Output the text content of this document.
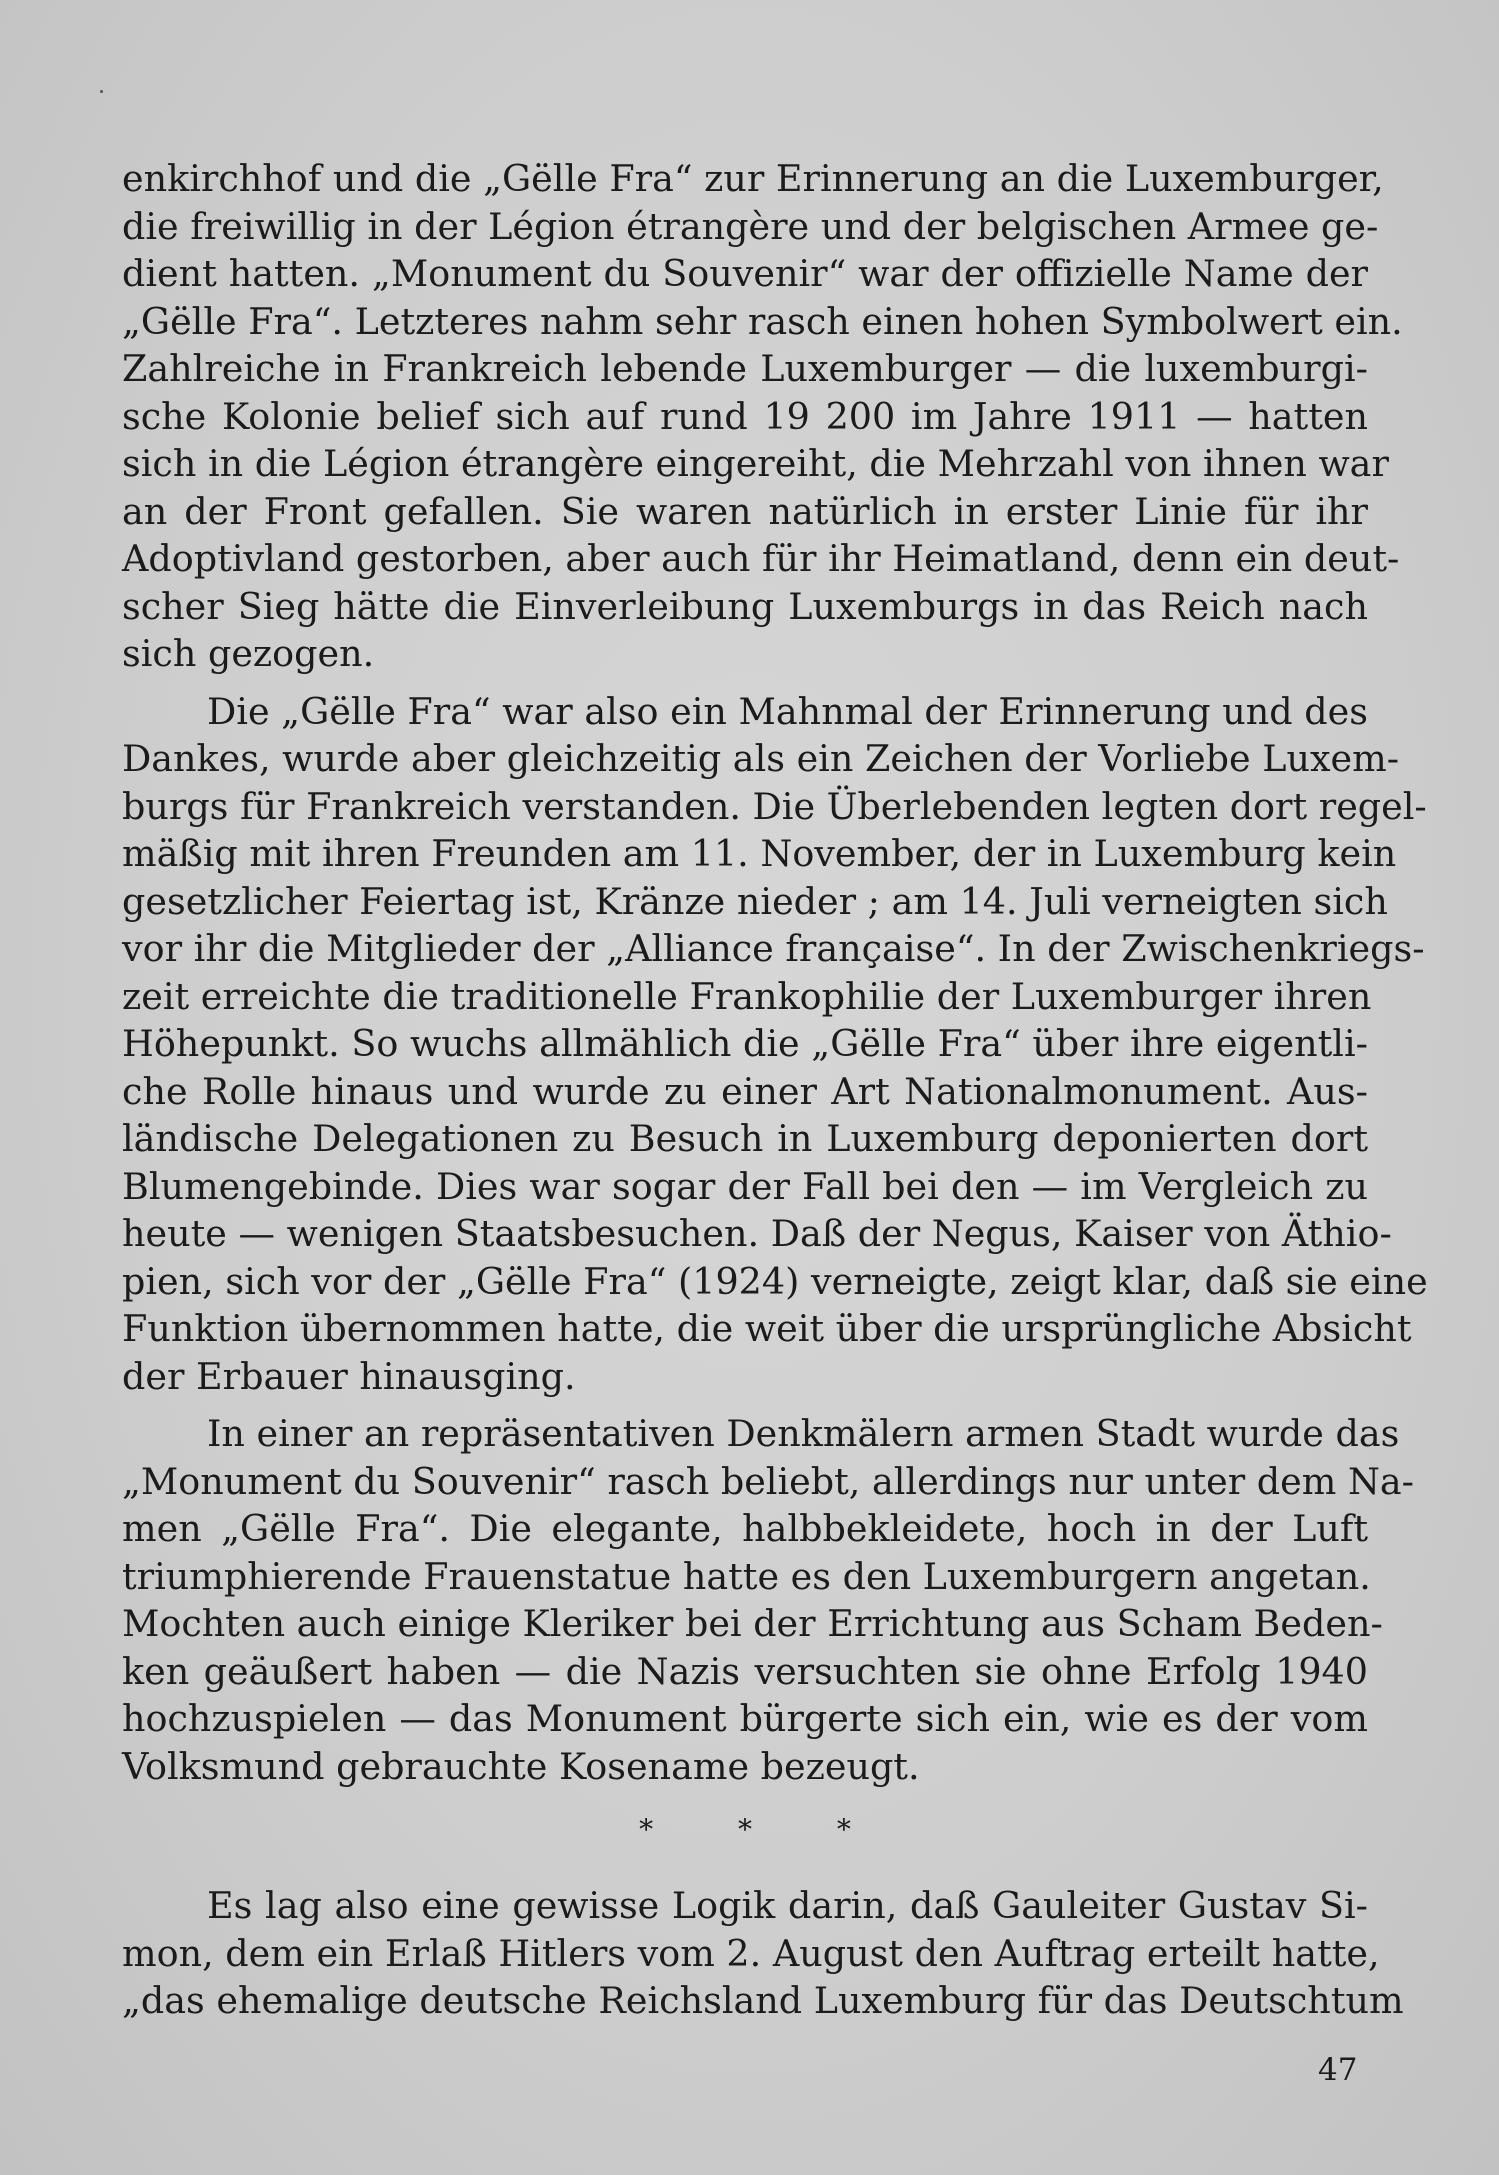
enkirchhof und die „Gëlle Fra“ zur Erinnerung an die Luxemburger,
die freiwillig in der Légion étrangère und der belgischen Armee ge-
dient hatten. „Monument du Souvenir“ war der offizielle Name der
„Gëlle Fra“. Letzteres nahm sehr rasch einen hohen Symbolwert ein.
Zahlreiche in Frankreich lebende Luxemburger — die luxemburgi-
sche Kolonie belief sich auf rund 19 200 im Jahre 1911 — hatten
sich in die Légion étrangère eingereiht, die Mehrzahl von ihnen war
an der Front gefallen. Sie waren natürlich in erster Linie für ihr
Adoptivland gestorben, aber auch für ihr Heimatland, denn ein deut-
scher Sieg hätte die Einverleibung Luxemburgs in das Reich nach
sich gezogen.
Die „Gëlle Fra“ war also ein Mahnmal der Erinnerung und des
Dankes, wurde aber gleichzeitig als ein Zeichen der Vorliebe Luxem-
burgs für Frankreich verstanden. Die Überlebenden legten dort regel-
mäßig mit ihren Freunden am 11. November, der in Luxemburg kein
gesetzlicher Feiertag ist, Kränze nieder ; am 14. Juli verneigten sich
vor ihr die Mitglieder der „Alliance française“. In der Zwischenkriegs-
zeit erreichte die traditionelle Frankophilie der Luxemburger ihren
Höhepunkt. So wuchs allmählich die „Gëlle Fra“ über ihre eigentli-
che Rolle hinaus und wurde zu einer Art Nationalmonument. Aus-
ländische Delegationen zu Besuch in Luxemburg deponierten dort
Blumengebinde. Dies war sogar der Fall bei den — im Vergleich zu
heute — wenigen Staatsbesuchen. Daß der Negus, Kaiser von Äthio-
pien, sich vor der „Gëlle Fra“ (1924) verneigte, zeigt klar, daß sie eine
Funktion übernommen hatte, die weit über die ursprüngliche Absicht
der Erbauer hinausging.
In einer an repräsentativen Denkmälern armen Stadt wurde das
„Monument du Souvenir“ rasch beliebt, allerdings nur unter dem Na-
men „Gëlle Fra“. Die elegante, halbbekleidete, hoch in der Luft
triumphierende Frauenstatue hatte es den Luxemburgern angetan.
Mochten auch einige Kleriker bei der Errichtung aus Scham Beden-
ken geäußert haben — die Nazis versuchten sie ohne Erfolg 1940
hochzuspielen — das Monument bürgerte sich ein, wie es der vom
Volksmund gebrauchte Kosename bezeugt.
* * *
Es lag also eine gewisse Logik darin, daß Gauleiter Gustav Si-
mon, dem ein Erlaß Hitlers vom 2. August den Auftrag erteilt hatte,
„das ehemalige deutsche Reichsland Luxemburg für das Deutschtum
47
